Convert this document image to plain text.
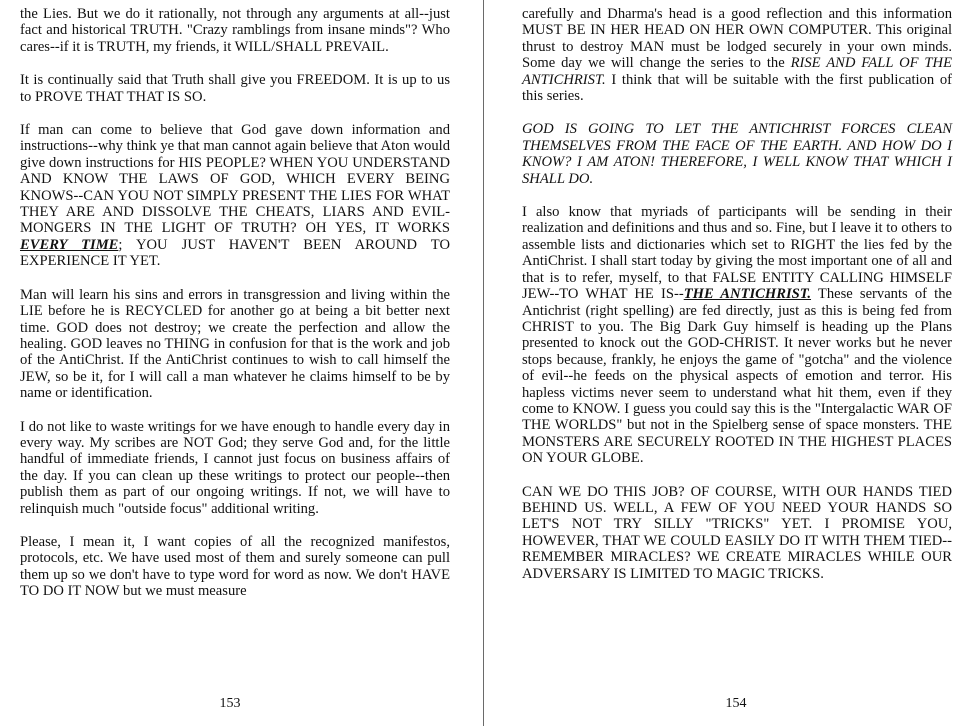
the Lies. But we do it rationally, not through any arguments at all--just fact and historical TRUTH. "Crazy ramblings from insane minds"? Who cares--if it is TRUTH, my friends, it WILL/SHALL PREVAIL.

It is continually said that Truth shall give you FREEDOM. It is up to us to PROVE THAT THAT IS SO.

If man can come to believe that God gave down information and instructions--why think ye that man cannot again believe that Aton would give down instructions for HIS PEOPLE? WHEN YOU UNDERSTAND AND KNOW THE LAWS OF GOD, WHICH EVERY BEING KNOWS--CAN YOU NOT SIMPLY PRESENT THE LIES FOR WHAT THEY ARE AND DISSOLVE THE CHEATS, LIARS AND EVIL-MONGERS IN THE LIGHT OF TRUTH? OH YES, IT WORKS EVERY TIME; YOU JUST HAVEN'T BEEN AROUND TO EXPERIENCE IT YET.

Man will learn his sins and errors in transgression and living within the LIE before he is RECYCLED for another go at being a bit better next time. GOD does not destroy; we create the perfection and allow the healing. GOD leaves no THING in confusion for that is the work and job of the AntiChrist. If the AntiChrist continues to wish to call himself the JEW, so be it, for I will call a man whatever he claims himself to be by name or identification.

I do not like to waste writings for we have enough to handle every day in every way. My scribes are NOT God; they serve God and, for the little handful of immediate friends, I cannot just focus on business affairs of the day. If you can clean up these writings to protect our people--then publish them as part of our ongoing writings. If not, we will have to relinquish much "outside focus" additional writing.

Please, I mean it, I want copies of all the recognized manifestos, protocols, etc. We have used most of them and surely someone can pull them up so we don't have to type word for word as now. We don't HAVE TO DO IT NOW but we must measure

carefully and Dharma's head is a good reflection and this information MUST BE IN HER HEAD ON HER OWN COMPUTER. This original thrust to destroy MAN must be lodged securely in your own minds. Some day we will change the series to the RISE AND FALL OF THE ANTICHRIST. I think that will be suitable with the first publication of this series.

GOD IS GOING TO LET THE ANTICHRIST FORCES CLEAN THEMSELVES FROM THE FACE OF THE EARTH. AND HOW DO I KNOW? I AM ATON! THEREFORE, I WELL KNOW THAT WHICH I SHALL DO.

I also know that myriads of participants will be sending in their realization and definitions and thus and so. Fine, but I leave it to others to assemble lists and dictionaries which set to RIGHT the lies fed by the AntiChrist. I shall start today by giving the most important one of all and that is to refer, myself, to that FALSE ENTITY CALLING HIMSELF JEW--TO WHAT HE IS--THE ANTICHRIST. These servants of the Antichrist (right spelling) are fed directly, just as this is being fed from CHRIST to you. The Big Dark Guy himself is heading up the Plans presented to knock out the GOD-CHRIST. It never works but he never stops because, frankly, he enjoys the game of "gotcha" and the violence of evil--he feeds on the physical aspects of emotion and terror. His hapless victims never seem to understand what hit them, even if they come to KNOW. I guess you could say this is the "Intergalactic WAR OF THE WORLDS" but not in the Spielberg sense of space monsters. THE MONSTERS ARE SECURELY ROOTED IN THE HIGHEST PLACES ON YOUR GLOBE.

CAN WE DO THIS JOB? OF COURSE, WITH OUR HANDS TIED BEHIND US. WELL, A FEW OF YOU NEED YOUR HANDS SO LET'S NOT TRY SILLY "TRICKS" YET. I PROMISE YOU, HOWEVER, THAT WE COULD EASILY DO IT WITH THEM TIED--REMEMBER MIRACLES? WE CREATE MIRACLES WHILE OUR ADVERSARY IS LIMITED TO MAGIC TRICKS.

153	154
